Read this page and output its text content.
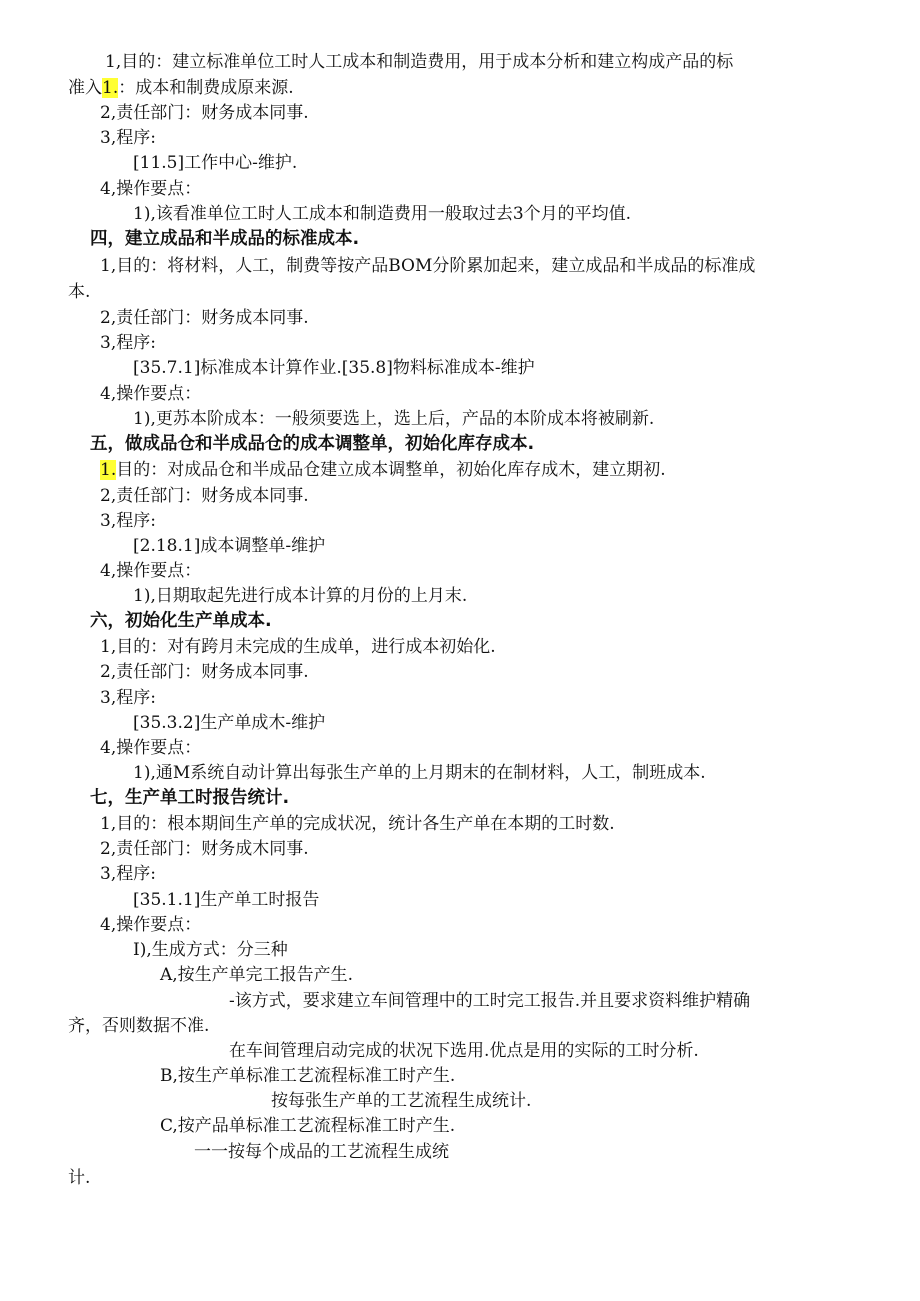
1,目的：建立标准单位工时人工成本和制造费用，用于成本分析和建立构成产品的标
准入1.：成本和制费成原来源.
2,责任部门：财务成本同事.
3,程序:
[11.5]工作中心-维护.
4,操作要点：
1),该看准单位工时人工成本和制造费用一般取过去3个月的平均值.
四，建立成品和半成品的标准成本.
1,目的：将材料，人工，制费等按产品BOM分阶累加起来，建立成品和半成品的标准成
本.
2,责任部门：财务成本同事.
3,程序:
[35.7.1]标准成本计算作业.[35.8]物料标准成本-维护
4,操作要点：
1),更苏本阶成本：一般须要选上，选上后，产品的本阶成本将被刷新.
五，做成品仓和半成品仓的成本调整单，初始化库存成本.
1.目的：对成品仓和半成品仓建立成本调整单，初始化库存成木，建立期初.
2,责任部门：财务成本同事.
3,程序:
[2.18.1]成本调整单-维护
4,操作要点：
1),日期取起先进行成本计算的月份的上月末.
六，初始化生产单成本.
1,目的：对有跨月未完成的生成单，进行成本初始化.
2,责任部门：财务成本同事.
3,程序:
[35.3.2]生产单成木-维护
4,操作要点：
1),通M系统自动计算出每张生产单的上月期末的在制材料，人工，制班成本.
七，生产单工时报告统计.
1,目的：根本期间生产单的完成状况，统计各生产单在本期的工时数.
2,责任部门：财务成木同事.
3,程序:
[35.1.1]生产单工时报告
4,操作要点：
I),生成方式：分三种
A,按生产单完工报告产生.
-该方式，要求建立车间管理中的工时完工报告.并且要求资料维护精确
齐，否则数据不准.
在车间管理启动完成的状况下选用.优点是用的实际的工时分析.
B,按生产单标准工艺流程标准工时产生.
按每张生产单的工艺流程生成统计.
C,按产品单标准工艺流程标准工时产生.
一一按每个成品的工艺流程生成统
计.
